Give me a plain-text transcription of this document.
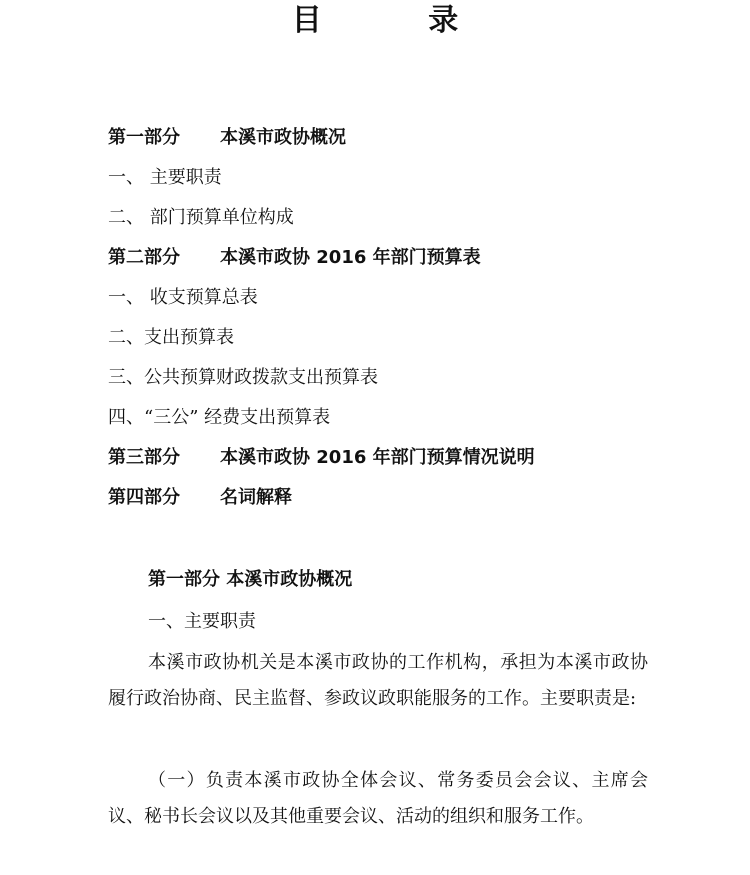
目 录
第一部分 本溪市政协概况
一、 主要职责
二、 部门预算单位构成
第二部分 本溪市政协 2016 年部门预算表
一、 收支预算总表
二、支出预算表
三、公共预算财政拨款支出预算表
四、“三公” 经费支出预算表
第三部分 本溪市政协 2016 年部门预算情况说明
第四部分 名词解释
第一部分 本溪市政协概况
一、主要职责

本溪市政协机关是本溪市政协的工作机构，承担为本溪市政协履行政治协商、民主监督、参政议政职能服务的工作。主要职责是:

（一）负责本溪市政协全体会议、常务委员会会议、主席会议、秘书长会议以及其他重要会议、活动的组织和服务工作。
